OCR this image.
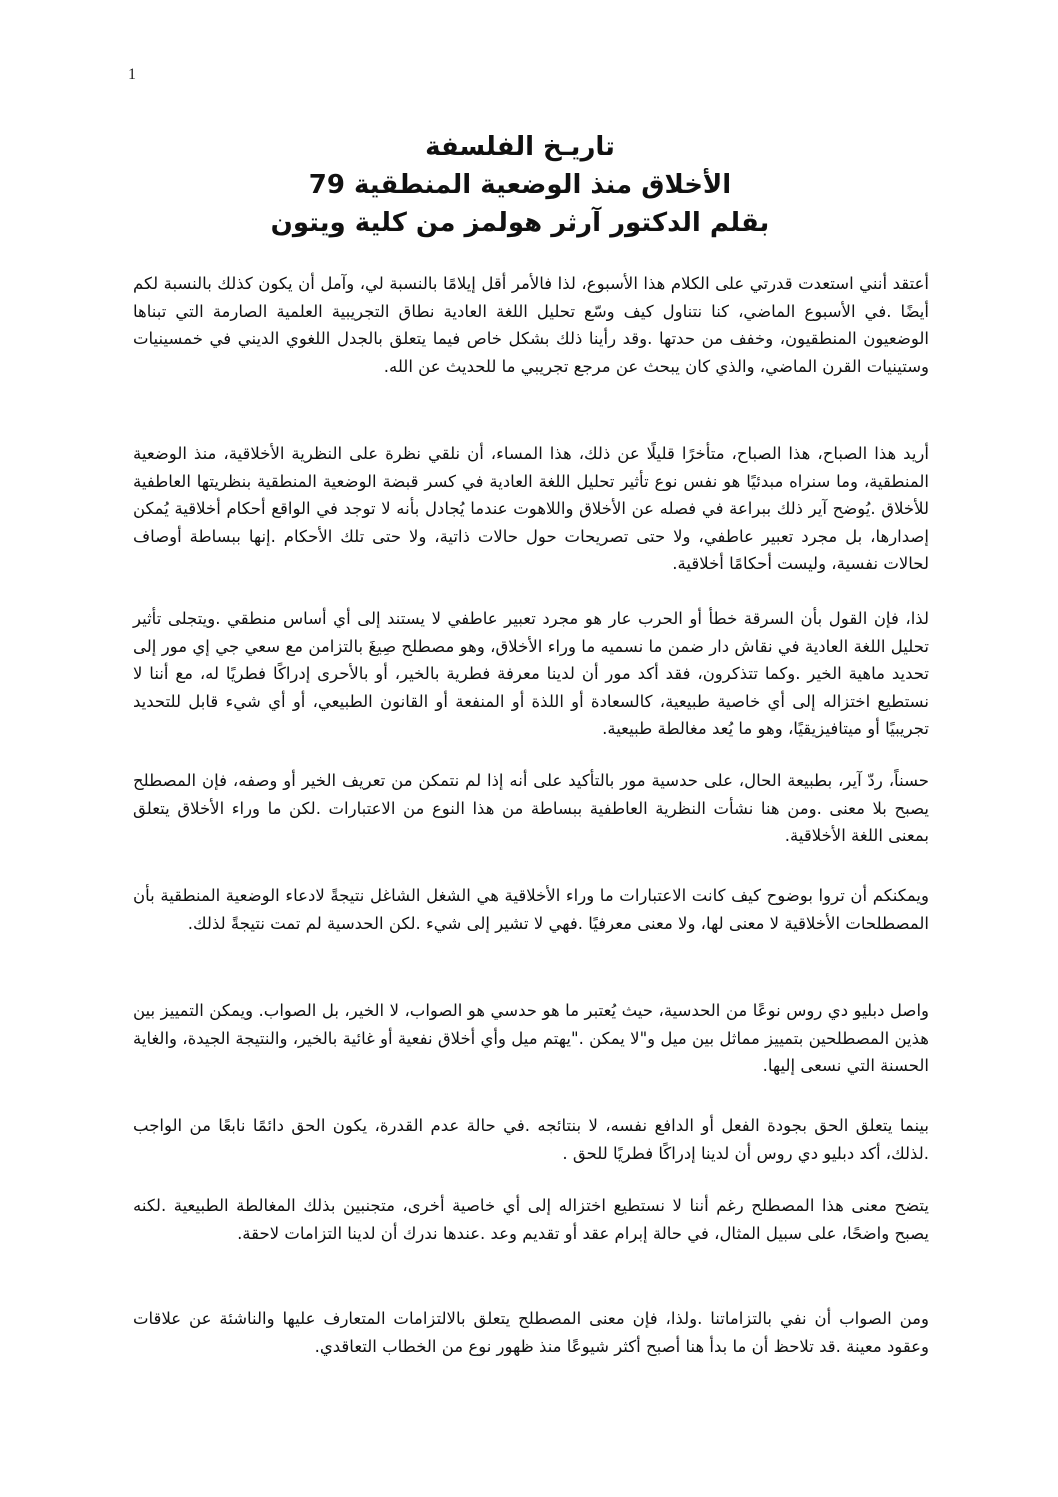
1
تاريـخ الفلسفة
الأخلاق منذ الوضعية المنطقية 79
بقلم الدكتور آرثر هولمز من كلية ويتون

أعتقد أنني استعدت قدرتي على الكلام هذا الأسبوع، لذا فالأمر أقل إيلامًا بالنسبة لي، وآمل أن يكون كذلك بالنسبة لكم أيضًا .في الأسبوع الماضي، كنا نتناول كيف وسّع تحليل اللغة العادية نطاق التجريبية العلمية الصارمة التي تبناها الوضعيون المنطقيون، وخفف من حدتها .وقد رأينا ذلك بشكل خاص فيما يتعلق بالجدل اللغوي الديني في خمسينيات وستينيات القرن الماضي، والذي كان يبحث عن مرجع تجريبي ما للحديث عن الله.

أريد هذا الصباح، هذا الصباح، متأخرًا قليلًا عن ذلك، هذا المساء، أن نلقي نظرة على النظرية الأخلاقية، منذ الوضعية المنطقية، وما سنراه مبدئيًا هو نفس نوع تأثير تحليل اللغة العادية في كسر قبضة الوضعية المنطقية بنظريتها العاطفية للأخلاق .يُوضح آير ذلك ببراعة في فصله عن الأخلاق واللاهوت عندما يُجادل بأنه لا توجد في الواقع أحكام أخلاقية يُمكن إصدارها، بل مجرد تعبير عاطفي، ولا حتى تصريحات حول حالات ذاتية، ولا حتى تلك الأحكام .إنها ببساطة أوصاف لحالات نفسية، وليست أحكامًا أخلاقية.

لذا، فإن القول بأن السرقة خطأ أو الحرب عار هو مجرد تعبير عاطفي لا يستند إلى أي أساس منطقي .ويتجلى تأثير تحليل اللغة العادية في نقاش دار ضمن ما نسميه ما وراء الأخلاق، وهو مصطلح صِيغَ بالتزامن مع سعي جي إي مور إلى تحديد ماهية الخير .وكما تتذكرون، فقد أكد مور أن لدينا معرفة فطرية بالخير، أو بالأحرى إدراكًا فطريًا له، مع أننا لا نستطيع اختزاله إلى أي خاصية طبيعية، كالسعادة أو اللذة أو المنفعة أو القانون الطبيعي، أو أي شيء قابل للتحديد تجريبيًا أو ميتافيزيقيًا، وهو ما يُعد مغالطة طبيعية.

حسناً، ردّ آير، بطبيعة الحال، على حدسية مور بالتأكيد على أنه إذا لم نتمكن من تعريف الخير أو وصفه، فإن المصطلح يصبح بلا معنى .ومن هنا نشأت النظرية العاطفية ببساطة من هذا النوع من الاعتبارات .لكن ما وراء الأخلاق يتعلق بمعنى اللغة الأخلاقية.

ويمكنكم أن تروا بوضوح كيف كانت الاعتبارات ما وراء الأخلاقية هي الشغل الشاغل نتيجةً لادعاء الوضعية المنطقية بأن المصطلحات الأخلاقية لا معنى لها، ولا معنى معرفيًا .فهي لا تشير إلى شيء .لكن الحدسية لم تمت نتيجةً لذلك.

واصل دبليو دي روس نوعًا من الحدسية، حيث يُعتبر ما هو حدسي هو الصواب، لا الخير، بل الصواب. ويمكن التمييز بين هذين المصطلحين بتمييز مماثل بين ميل و"لا يمكن ."يهتم ميل وأي أخلاق نفعية أو غائية بالخير، والنتيجة الجيدة، والغاية الحسنة التي نسعى إليها.

بينما يتعلق الحق بجودة الفعل أو الدافع نفسه، لا بنتائجه .في حالة عدم القدرة، يكون الحق دائمًا نابعًا من الواجب .لذلك، أكد دبليو دي روس أن لدينا إدراكًا فطريًا للحق .

يتضح معنى هذا المصطلح رغم أننا لا نستطيع اختزاله إلى أي خاصية أخرى، متجنبين بذلك المغالطة الطبيعية .لكنه يصبح واضحًا، على سبيل المثال، في حالة إبرام عقد أو تقديم وعد .عندها ندرك أن لدينا التزامات لاحقة.

ومن الصواب أن نفي بالتزاماتنا .ولذا، فإن معنى المصطلح يتعلق بالالتزامات المتعارف عليها والناشئة عن علاقات وعقود معينة .قد تلاحظ أن ما بدأ هنا أصبح أكثر شيوعًا منذ ظهور نوع من الخطاب التعاقدي.
